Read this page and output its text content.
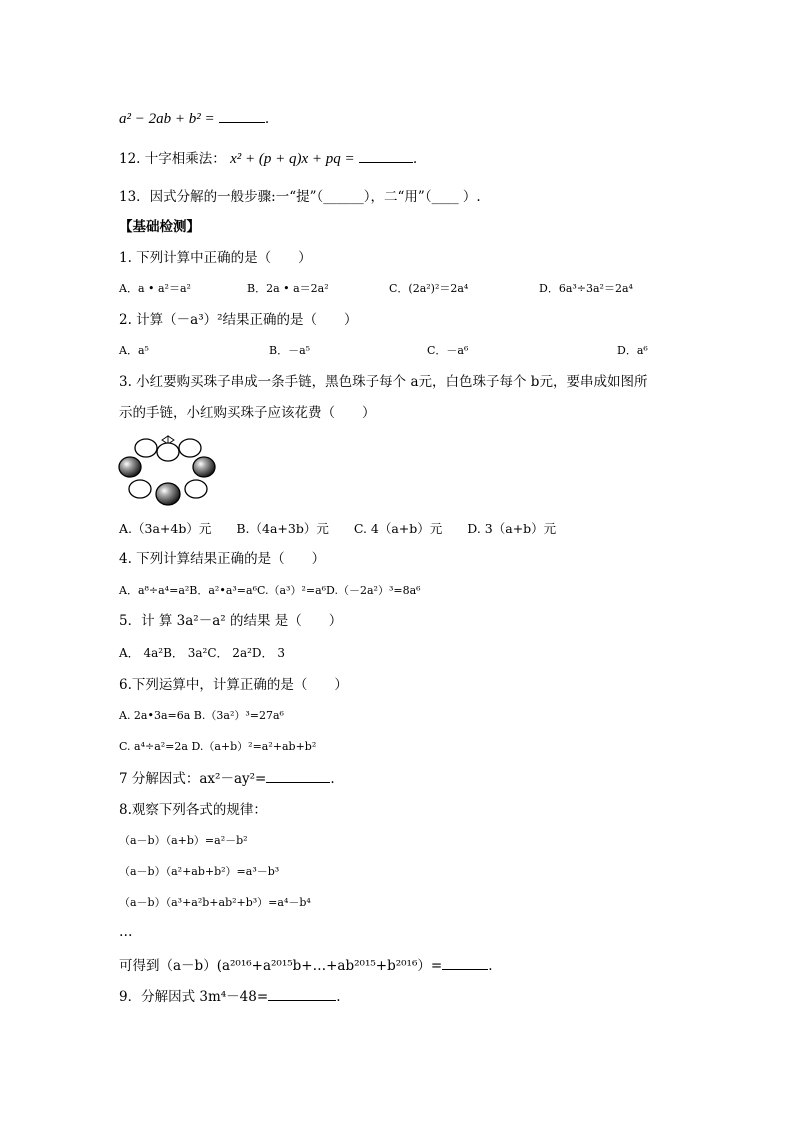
a² − 2ab + b² =	.
12. 十字相乘法： x² + (p + q)x + pq =	.
13．因式分解的一般步骤:一“提”（______），二“用”（____ ）.
【基础检测】
1. 下列计算中正确的是（　　）
A．a • a²＝a²	B．2a • a＝2a²	C．(2a²)²＝2a⁴	D．6a³÷3a²＝2a⁴
2. 计算（－a³）²结果正确的是（　　）
A．a⁵	B．－a⁵	C．－a⁶	D．a⁶
3. 小红要购买珠子串成一条手链，黑色珠子每个 a元，白色珠子每个 b元，要串成如图所
示的手链，小红购买珠子应该花费（　　）
A.（3a+4b）元　　B.（4a+3b）元　　C. 4（a+b）元　　D. 3（a+b）元
4. 下列计算结果正确的是（　　）
A．a⁸÷a⁴=a²B．a²•a³=a⁶C.（a³）²=a⁶D.（－2a²）³=8a⁶
5．计 算 3a²－a² 的结果 是（　　）
A． 4a²B． 3a²C． 2a²D． 3
6.下列运算中，计算正确的是（　　）
A. 2a•3a=6a B.（3a²）³=27a⁶
C. a⁴÷a²=2a D.（a+b）²=a²+ab+b²
7 分解因式：ax²－ay²=	.
8.观察下列各式的规律：
（a－b）（a+b）=a²－b²
（a－b）（a²+ab+b²）=a³－b³
（a－b）（a³+a²b+ab²+b³）=a⁴－b⁴
…
可得到（a－b）(a²⁰¹⁶+a²⁰¹⁵b+…+ab²⁰¹⁵+b²⁰¹⁶）=	.
9．分解因式 3m⁴－48=	.
